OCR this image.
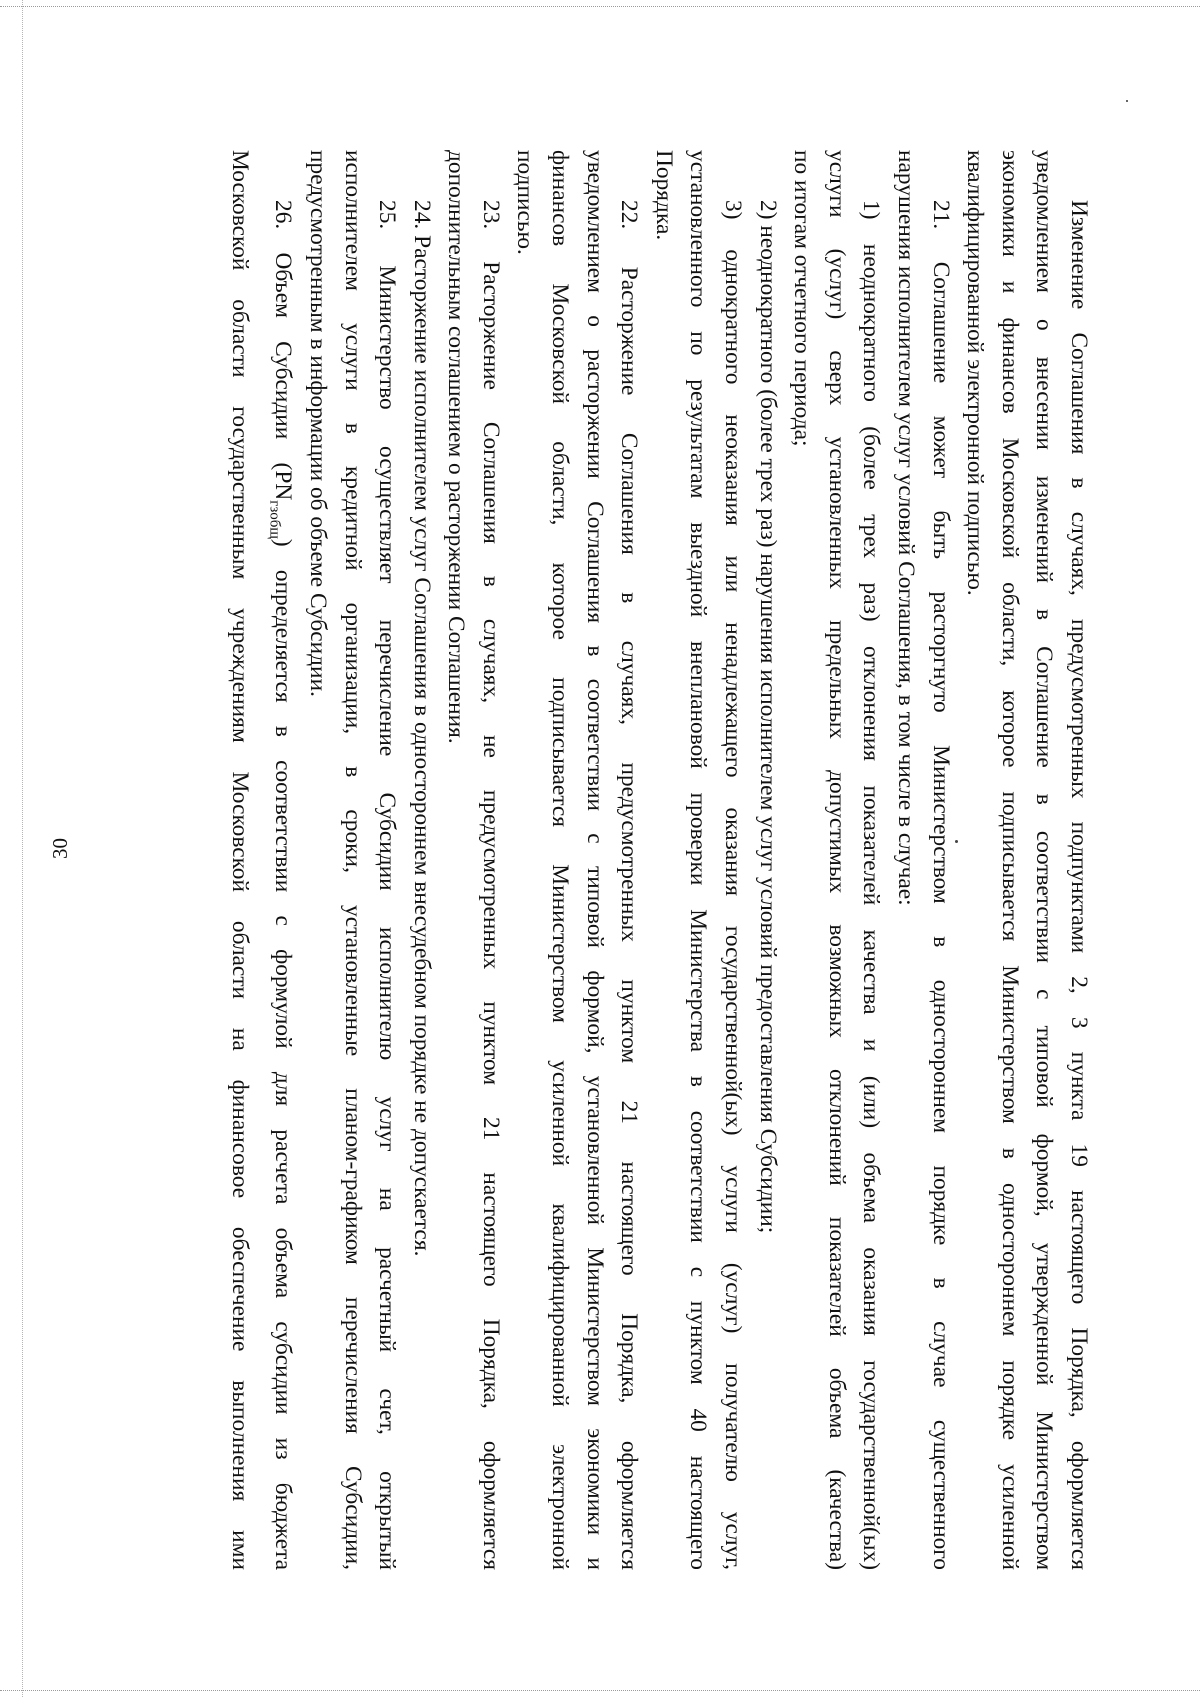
30	Изменение Соглашения в случаях, предусмотренных подпунктами 2, 3 пункта 19 настоящего Порядка, оформляется

уведомлением о внесении изменений в Соглашение в соответствии с типовой формой, утвержденной Министерством

экономики и финансов Московской области, которое подписывается Министерством в одностороннем порядке усиленной

квалифицированной электронной подписью.

21. Соглашение может быть расторгнуто Министерством в одностороннем порядке в случае существенного

нарушения исполнителем услуг условий Соглашения, в том числе в случае:

1) неоднократного (более трех раз) отклонения показателей качества и (или) объема оказания государственной(ых)

услуги (услуг) сверх установленных предельных допустимых возможных отклонений показателей объема (качества)

по итогам отчетного периода;

2) неоднократного (более трех раз) нарушения исполнителем услуг условий предоставления Субсидии;

3) однократного неоказания или ненадлежащего оказания государственной(ых) услуги (услуг) получателю услуг,

установленного по результатам выездной внеплановой проверки Министерства в соответствии с пунктом 40 настоящего

Порядка.

22. Расторжение Соглашения в случаях, предусмотренных пунктом 21 настоящего Порядка, оформляется

уведомлением о расторжении Соглашения в соответствии с типовой формой, установленной Министерством экономики и

финансов Московской области, которое подписывается Министерством усиленной квалифицированной электронной

подписью.

23. Расторжение Соглашения в случаях, не предусмотренных пунктом 21 настоящего Порядка, оформляется

дополнительным соглашением о расторжении Соглашения.

24. Расторжение исполнителем услуг Соглашения в одностороннем внесудебном порядке не допускается.

25. Министерство осуществляет перечисление Субсидии исполнителю услуг на расчетный счет, открытый

исполнителем услуги в кредитной организации, в сроки, установленные планом-графиком перечисления Субсидии,

предусмотренным в информации об объеме Субсидии.

26. Объем Субсидии $(PN_{гзобщ})$ определяется в соответствии с формулой для расчета объема субсидии из бюджета

Московской области государственным учреждениям Московской области на финансовое обеспечение выполнения ими
